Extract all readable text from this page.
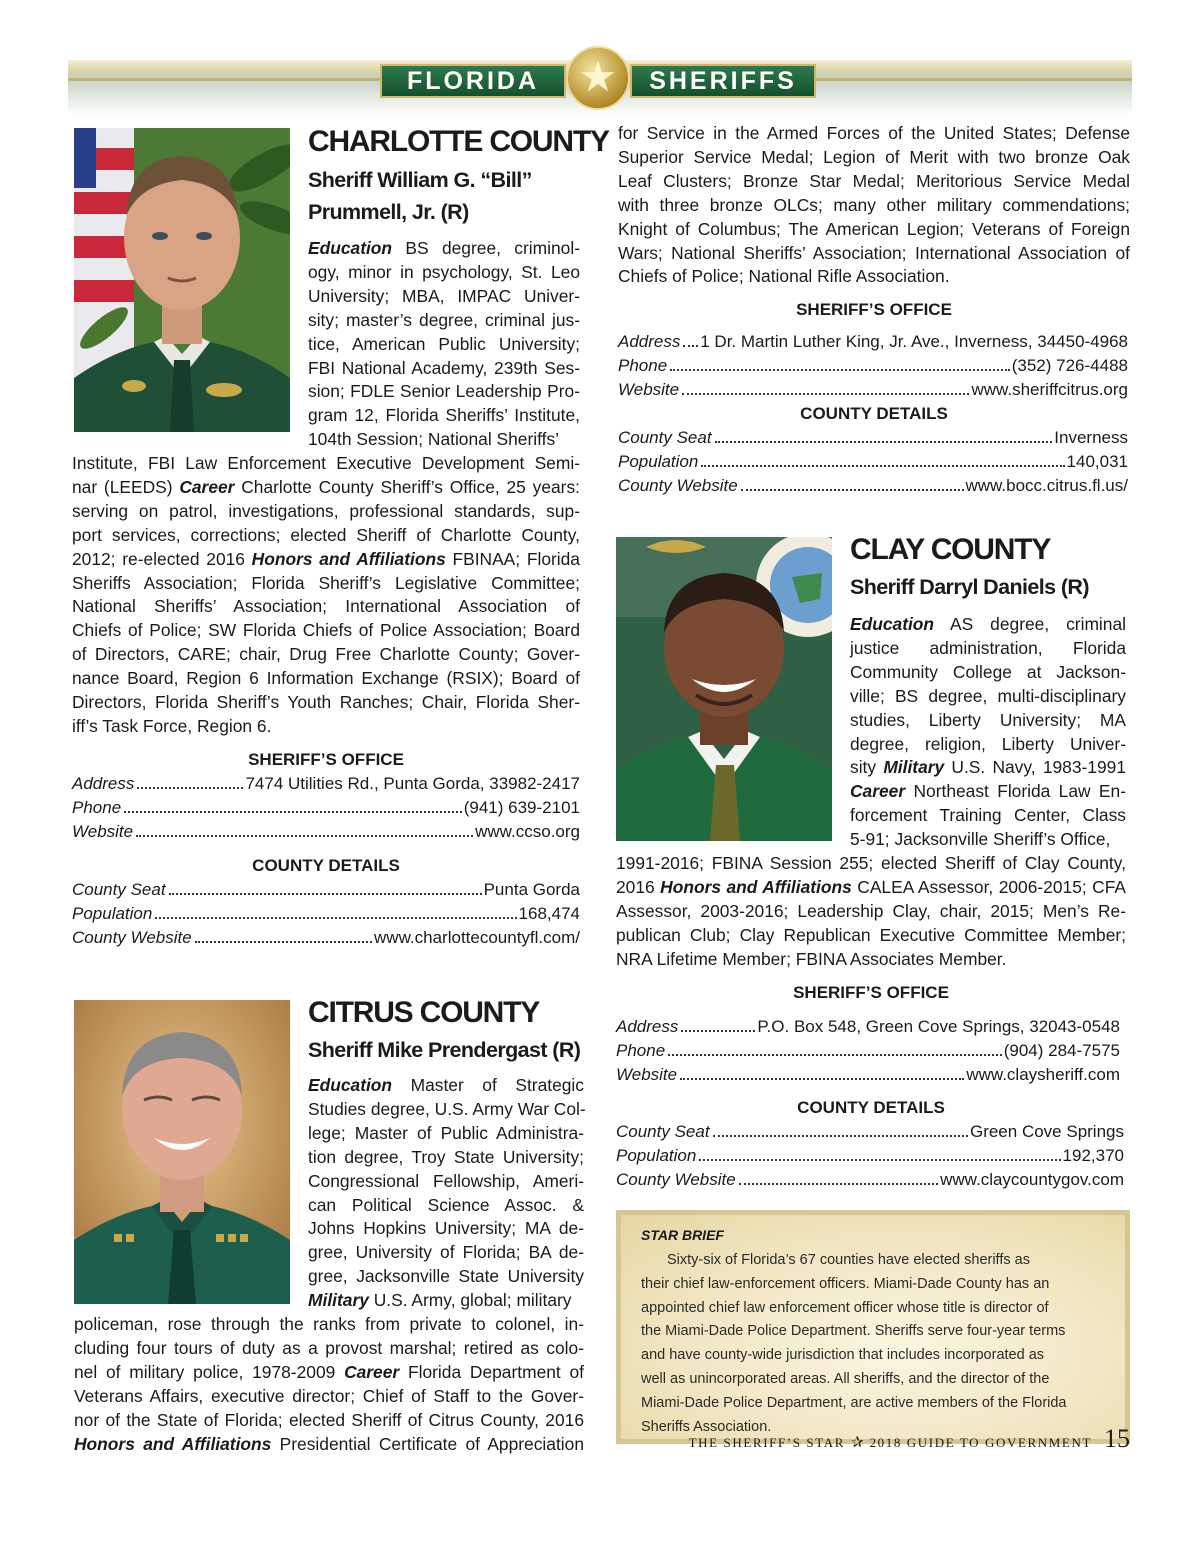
FLORIDA ★	SHERIFFS
CHARLOTTE COUNTY
Sheriff William G. “Bill”
Prummell, Jr. (R)

Education BS degree, criminol-

ogy, minor in psychology, St. Leo

University; MBA, IMPAC Univer-

sity; master’s degree, criminal jus-

tice, American Public University;

FBI National Academy, 239th Ses-

sion; FDLE Senior Leadership Pro-

gram 12, Florida Sheriffs’ Institute,

104th Session; National Sheriffs’

Institute, FBI Law Enforcement Executive Development Semi-

nar (LEEDS) Career Charlotte County Sheriff’s Office, 25 years:

serving on patrol, investigations, professional standards, sup-

port services, corrections; elected Sheriff of Charlotte County,

2012; re-elected 2016 Honors and Affiliations FBINAA; Florida

Sheriffs Association; Florida Sheriff’s Legislative Committee;

National Sheriffs’ Association; International Association of

Chiefs of Police; SW Florida Chiefs of Police Association; Board

of Directors, CARE; chair, Drug Free Charlotte County; Gover-

nance Board, Region 6 Information Exchange (RSIX); Board of

Directors, Florida Sheriff’s Youth Ranches; Chair, Florida Sher-

iff’s Task Force, Region 6.

SHERIFF’S OFFICE
COUNTY DETAILS
CITRUS COUNTY
Sheriff Mike Prendergast (R)

Education Master of Strategic

Studies degree, U.S. Army War Col-

lege; Master of Public Administra-

tion degree, Troy State University;

Congressional Fellowship, Ameri-

can Political Science Assoc. &

Johns Hopkins University; MA de-

gree, University of Florida; BA de-

gree, Jacksonville State University

Military U.S. Army, global; military

policeman, rose through the ranks from private to colonel, in-

cluding four tours of duty as a provost marshal; retired as colo-

nel of military police, 1978-2009 Career Florida Department of

Veterans Affairs, executive director; Chief of Staff to the Gover-

nor of the State of Florida; elected Sheriff of Citrus County, 2016

Honors and Affiliations Presidential Certificate of Appreciation

for Service in the Armed Forces of the United States; Defense

Superior Service Medal; Legion of Merit with two bronze Oak

Leaf Clusters; Bronze Star Medal; Meritorious Service Medal

with three bronze OLCs; many other military commendations;

Knight of Columbus; The American Legion; Veterans of Foreign

Wars; National Sheriffs’ Association; International Association of

Chiefs of Police; National Rifle Association.

SHERIFF’S OFFICE
COUNTY DETAILS
CLAY COUNTY
Sheriff Darryl Daniels (R)

Education AS degree, criminal

justice administration, Florida

Community College at Jackson-

ville; BS degree, multi-disciplinary

studies, Liberty University; MA

degree, religion, Liberty Univer-

sity Military U.S. Navy, 1983-1991

Career Northeast Florida Law En-

forcement Training Center, Class

5-91; Jacksonville Sheriff’s Office,

1991-2016; FBINA Session 255; elected Sheriff of Clay County,

2016 Honors and Affiliations CALEA Assessor, 2006-2015; CFA

Assessor, 2003-2016; Leadership Clay, chair, 2015; Men’s Re-

publican Club; Clay Republican Executive Committee Member;

NRA Lifetime Member; FBINA Associates Member.

SHERIFF’S OFFICE
COUNTY DETAILS
STAR BRIEF

Sixty-six of Florida’s 67 counties have elected sheriffs as

their chief law-enforcement officers. Miami-Dade County has an

appointed chief law enforcement officer whose title is director of

the Miami-Dade Police Department. Sheriffs serve four-year terms

and have county-wide jurisdiction that includes incorporated as

well as unincorporated areas. All sheriffs, and the director of the

Miami-Dade Police Department, are active members of the Florida

Sheriffs Association.

THE SHERIFF’S STAR ✰ 2018 GUIDE TO GOVERNMENT 15
Address	7474 Utilities Rd., Punta Gorda, 33982-2417
Phone	(941) 639-2101
Website	www.ccso.org
County Seat	Punta Gorda
Population	168,474
County Website	www.charlottecountyfl.com/
Address 1 Dr. Martin Luther King, Jr. Ave., Inverness, 34450-4968
Phone	(352) 726-4488
Website	www.sheriffcitrus.org
County Seat	Inverness
Population	140,031
County Website	www.bocc.citrus.fl.us/
Address	P.O. Box 548, Green Cove Springs, 32043-0548
Phone	(904) 284-7575
Website	www.claysheriff.com
County Seat	Green Cove Springs
Population	192,370
County Website	www.claycountygov.com
